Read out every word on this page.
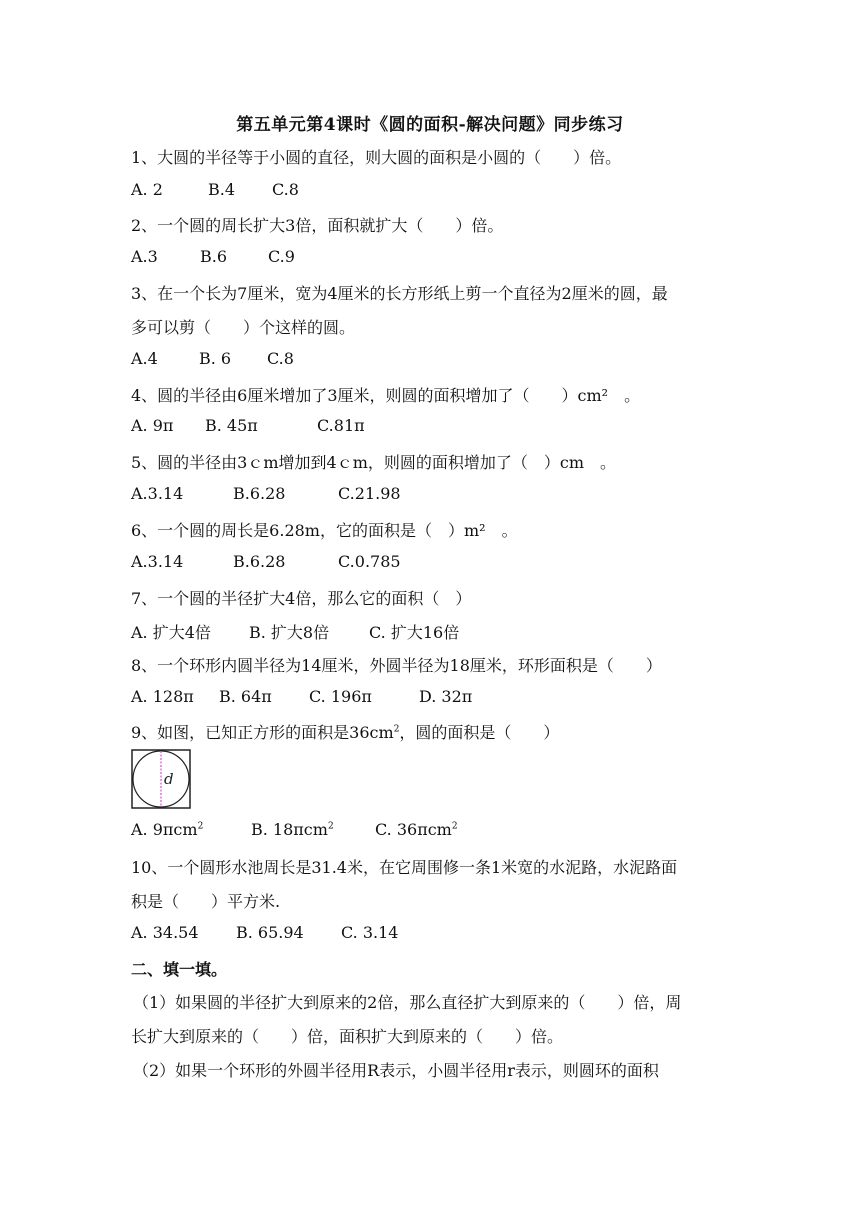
第五单元第4课时《圆的面积-解决问题》同步练习
1、大圆的半径等于小圆的直径，则大圆的面积是小圆的（　　）倍。
A. 2	B.4 C.8
2、一个圆的周长扩大3倍，面积就扩大（　　）倍。
A.3	B.6	C.9
3、在一个长为7厘米，宽为4厘米的长方形纸上剪一个直径为2厘米的圆，最
多可以剪（　　）个这样的圆。
A.4	B. 6 C.8
4、圆的半径由6厘米增加了3厘米，则圆的面积增加了（　　）cm²　。
A. 9π B. 45π	C.81π
5、圆的半径由3ｃm增加到4ｃm，则圆的面积增加了（　）cm　。
A.3.14	B.6.28	C.21.98
6、一个圆的周长是6.28m，它的面积是（　）m²　。
A.3.14	B.6.28	C.0.785
7、一个圆的半径扩大4倍，那么它的面积（　）
A. 扩大4倍 B. 扩大8倍 C. 扩大16倍
8、一个环形内圆半径为14厘米，外圆半径为18厘米，环形面积是（　　）
A. 128π B. 64π C. 196π	D. 32π
9、如图，已知正方形的面积是$36cm^2$，圆的面积是（　　）
d
A. 9πcm$^2$	B. 18πcm$^2$	C. 36πcm$^2$
10、一个圆形水池周长是31.4米，在它周围修一条1米宽的水泥路，水泥路面
积是（　　）平方米.
A. 34.54 B. 65.94 C. 3.14
二、填一填。
（1）如果圆的半径扩大到原来的2倍，那么直径扩大到原来的（　　）倍，周
长扩大到原来的（　　）倍，面积扩大到原来的（　　）倍。
（2）如果一个环形的外圆半径用R表示，小圆半径用r表示，则圆环的面积
